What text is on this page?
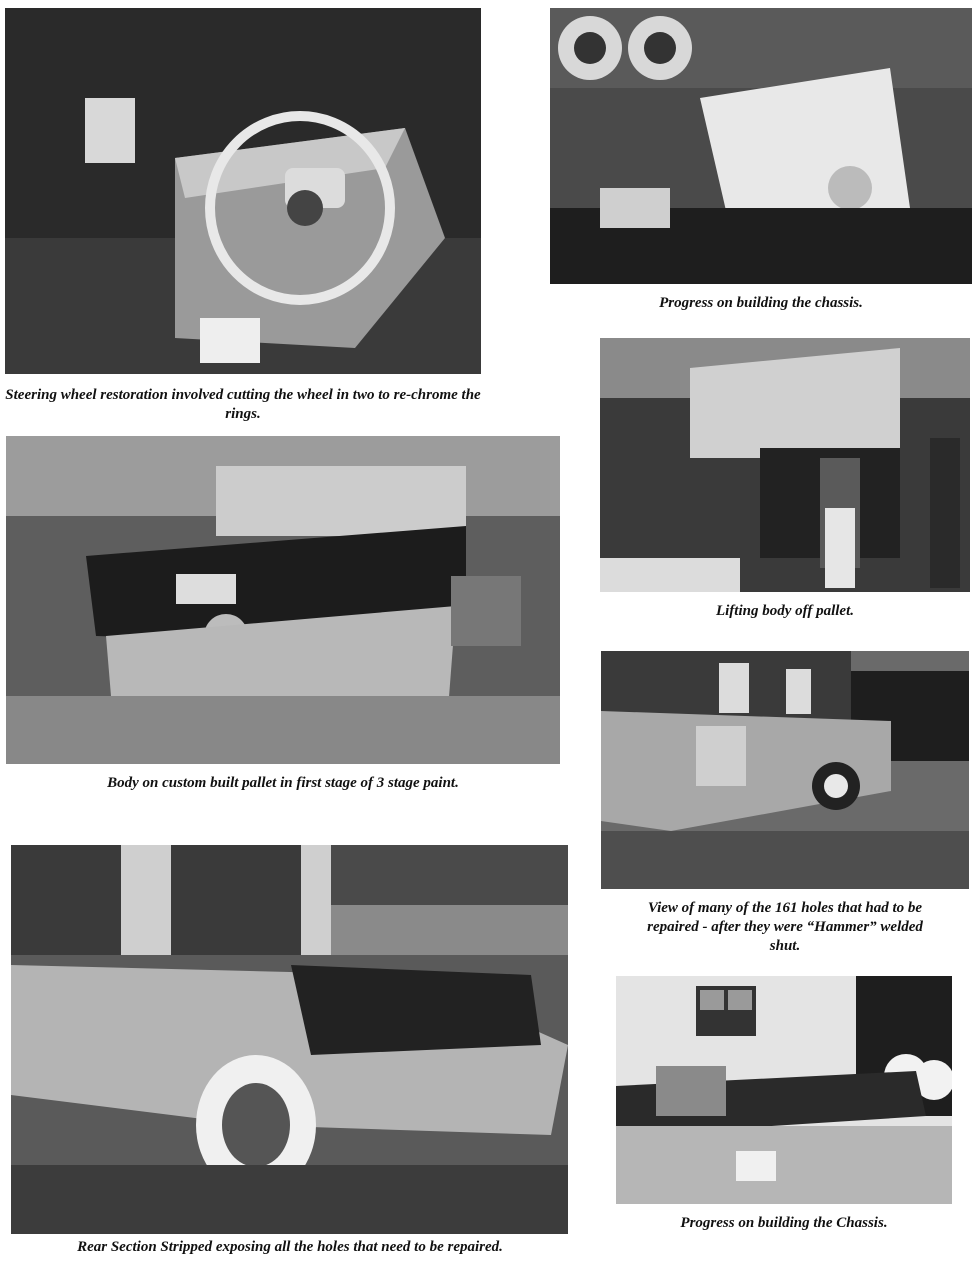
Steering wheel restoration involved cutting the wheel in two to re-chrome the rings.
Progress on building the chassis.
Lifting body off pallet.
Body on custom built pallet in first stage of 3 stage paint.
View of many of the 161 holes that had to be
repaired - after they were “Hammer” welded
shut.
Rear Section Stripped exposing all the holes that need to be repaired.
Progress on building the Chassis.
